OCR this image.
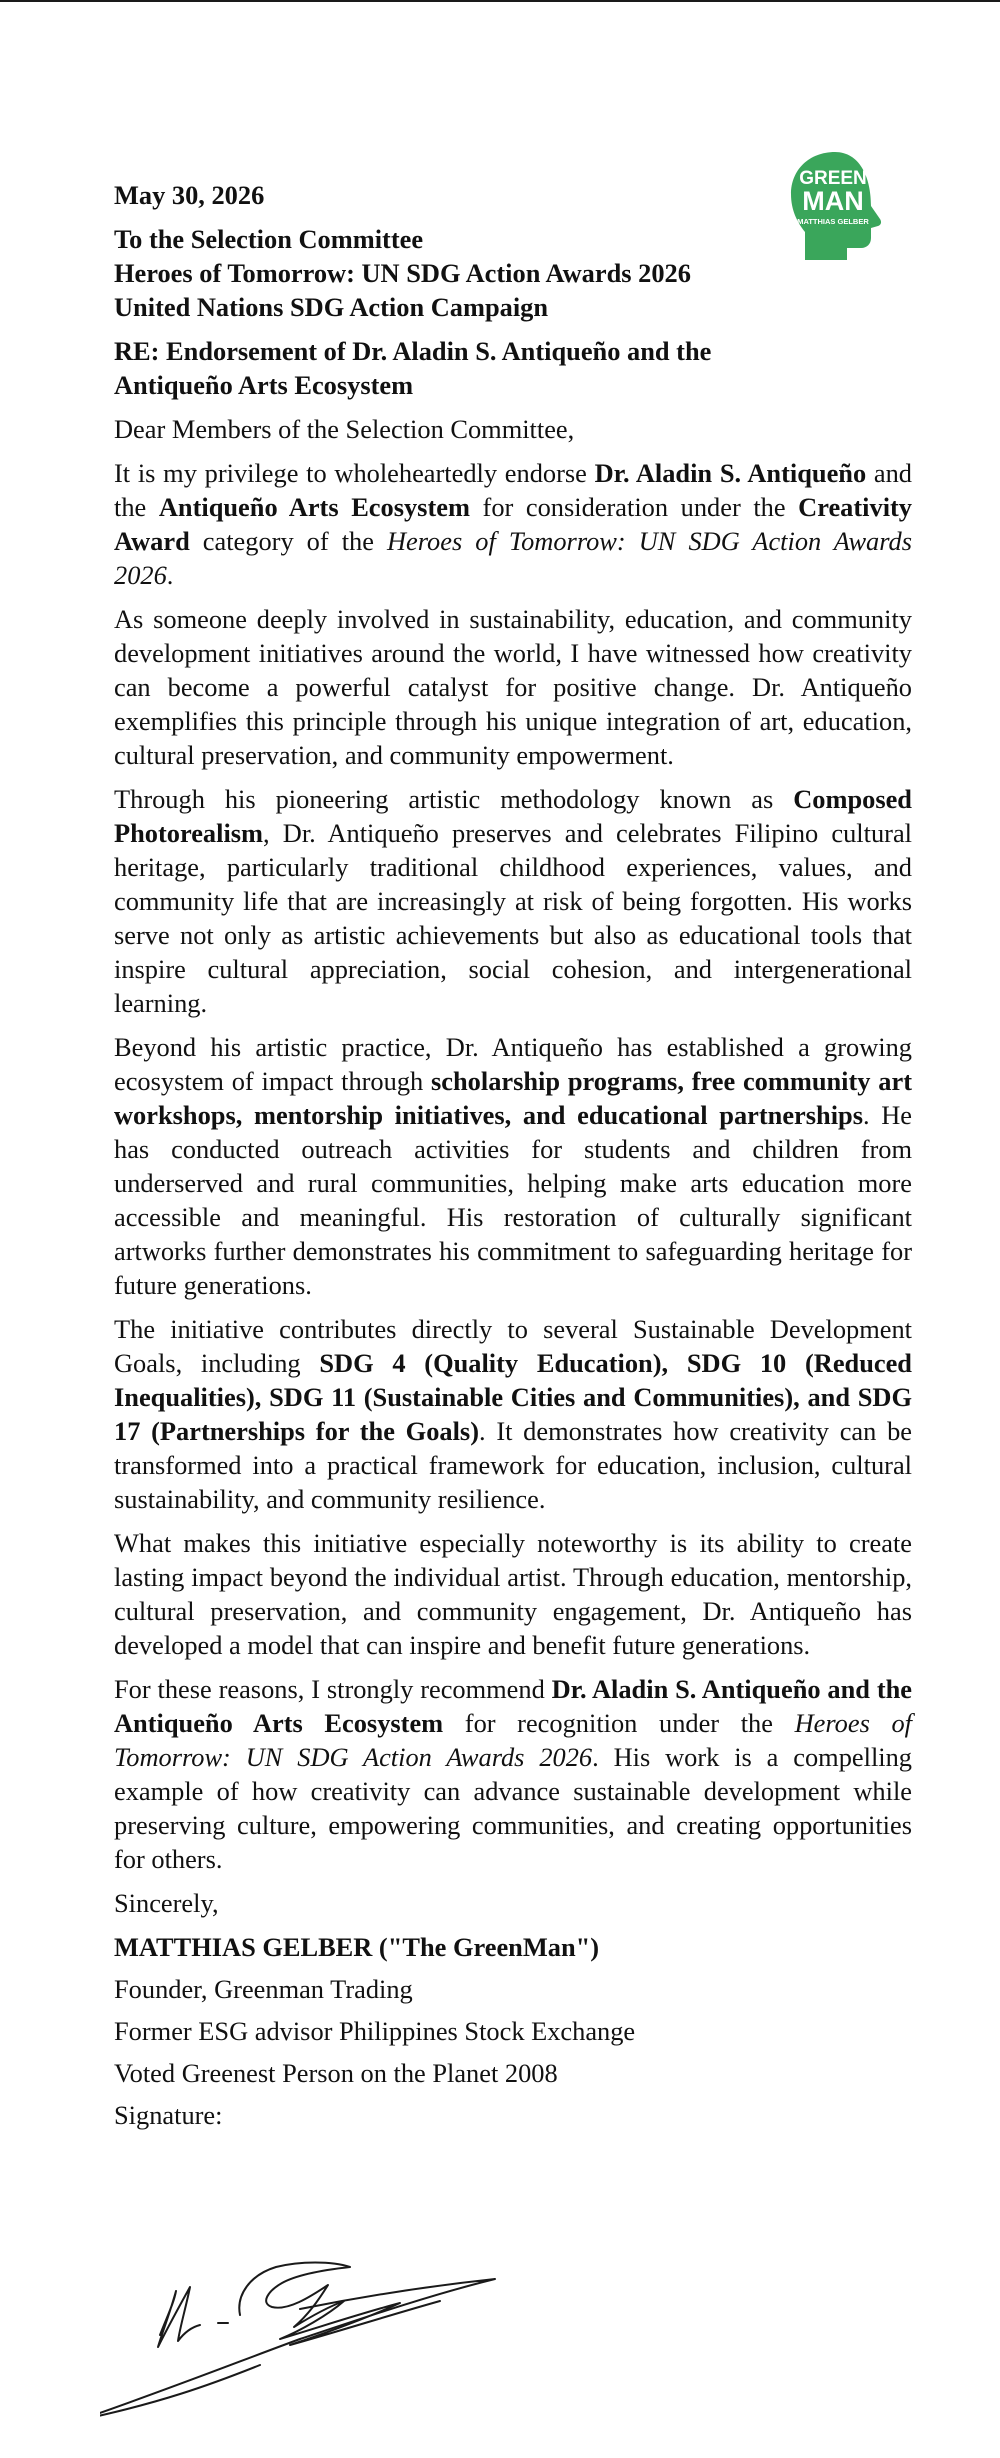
GREEN
MAN
MATTHIAS GELBER
May 30, 2026
To the Selection Committee
Heroes of Tomorrow: UN SDG Action Awards 2026
United Nations SDG Action Campaign
RE: Endorsement of Dr. Aladin S. Antiqueño and the
Antiqueño Arts Ecosystem

Dear Members of the Selection Committee,

It is my privilege to wholeheartedly endorse Dr. Aladin S. Antiqueño and the Antiqueño Arts Ecosystem for consideration under the Creativity Award category of the Heroes of Tomorrow: UN SDG Action Awards 2026.

As someone deeply involved in sustainability, education, and community development initiatives around the world, I have witnessed how creativity can become a powerful catalyst for positive change. Dr. Antiqueño exemplifies this principle through his unique integration of art, education, cultural preservation, and community empowerment.

Through his pioneering artistic methodology known as Composed Photorealism, Dr. Antiqueño preserves and celebrates Filipino cultural heritage, particularly traditional childhood experiences, values, and community life that are increasingly at risk of being forgotten. His works serve not only as artistic achievements but also as educational tools that inspire cultural appreciation, social cohesion, and intergenerational learning.

Beyond his artistic practice, Dr. Antiqueño has established a growing ecosystem of impact through scholarship programs, free community art workshops, mentorship initiatives, and educational partnerships. He has conducted outreach activities for students and children from underserved and rural communities, helping make arts education more accessible and meaningful. His restoration of culturally significant artworks further demonstrates his commitment to safeguarding heritage for future generations.

The initiative contributes directly to several Sustainable Development Goals, including SDG 4 (Quality Education), SDG 10 (Reduced Inequalities), SDG 11 (Sustainable Cities and Communities), and SDG 17 (Partnerships for the Goals). It demonstrates how creativity can be transformed into a practical framework for education, inclusion, cultural sustainability, and community resilience.

What makes this initiative especially noteworthy is its ability to create lasting impact beyond the individual artist. Through education, mentorship, cultural preservation, and community engagement, Dr. Antiqueño has developed a model that can inspire and benefit future generations.

For these reasons, I strongly recommend Dr. Aladin S. Antiqueño and the Antiqueño Arts Ecosystem for recognition under the Heroes of Tomorrow: UN SDG Action Awards 2026. His work is a compelling example of how creativity can advance sustainable development while preserving culture, empowering communities, and creating opportunities for others.

Sincerely,

MATTHIAS GELBER ("The GreenMan")
Founder, Greenman Trading
Former ESG advisor Philippines Stock Exchange
Voted Greenest Person on the Planet 2008
Signature:
